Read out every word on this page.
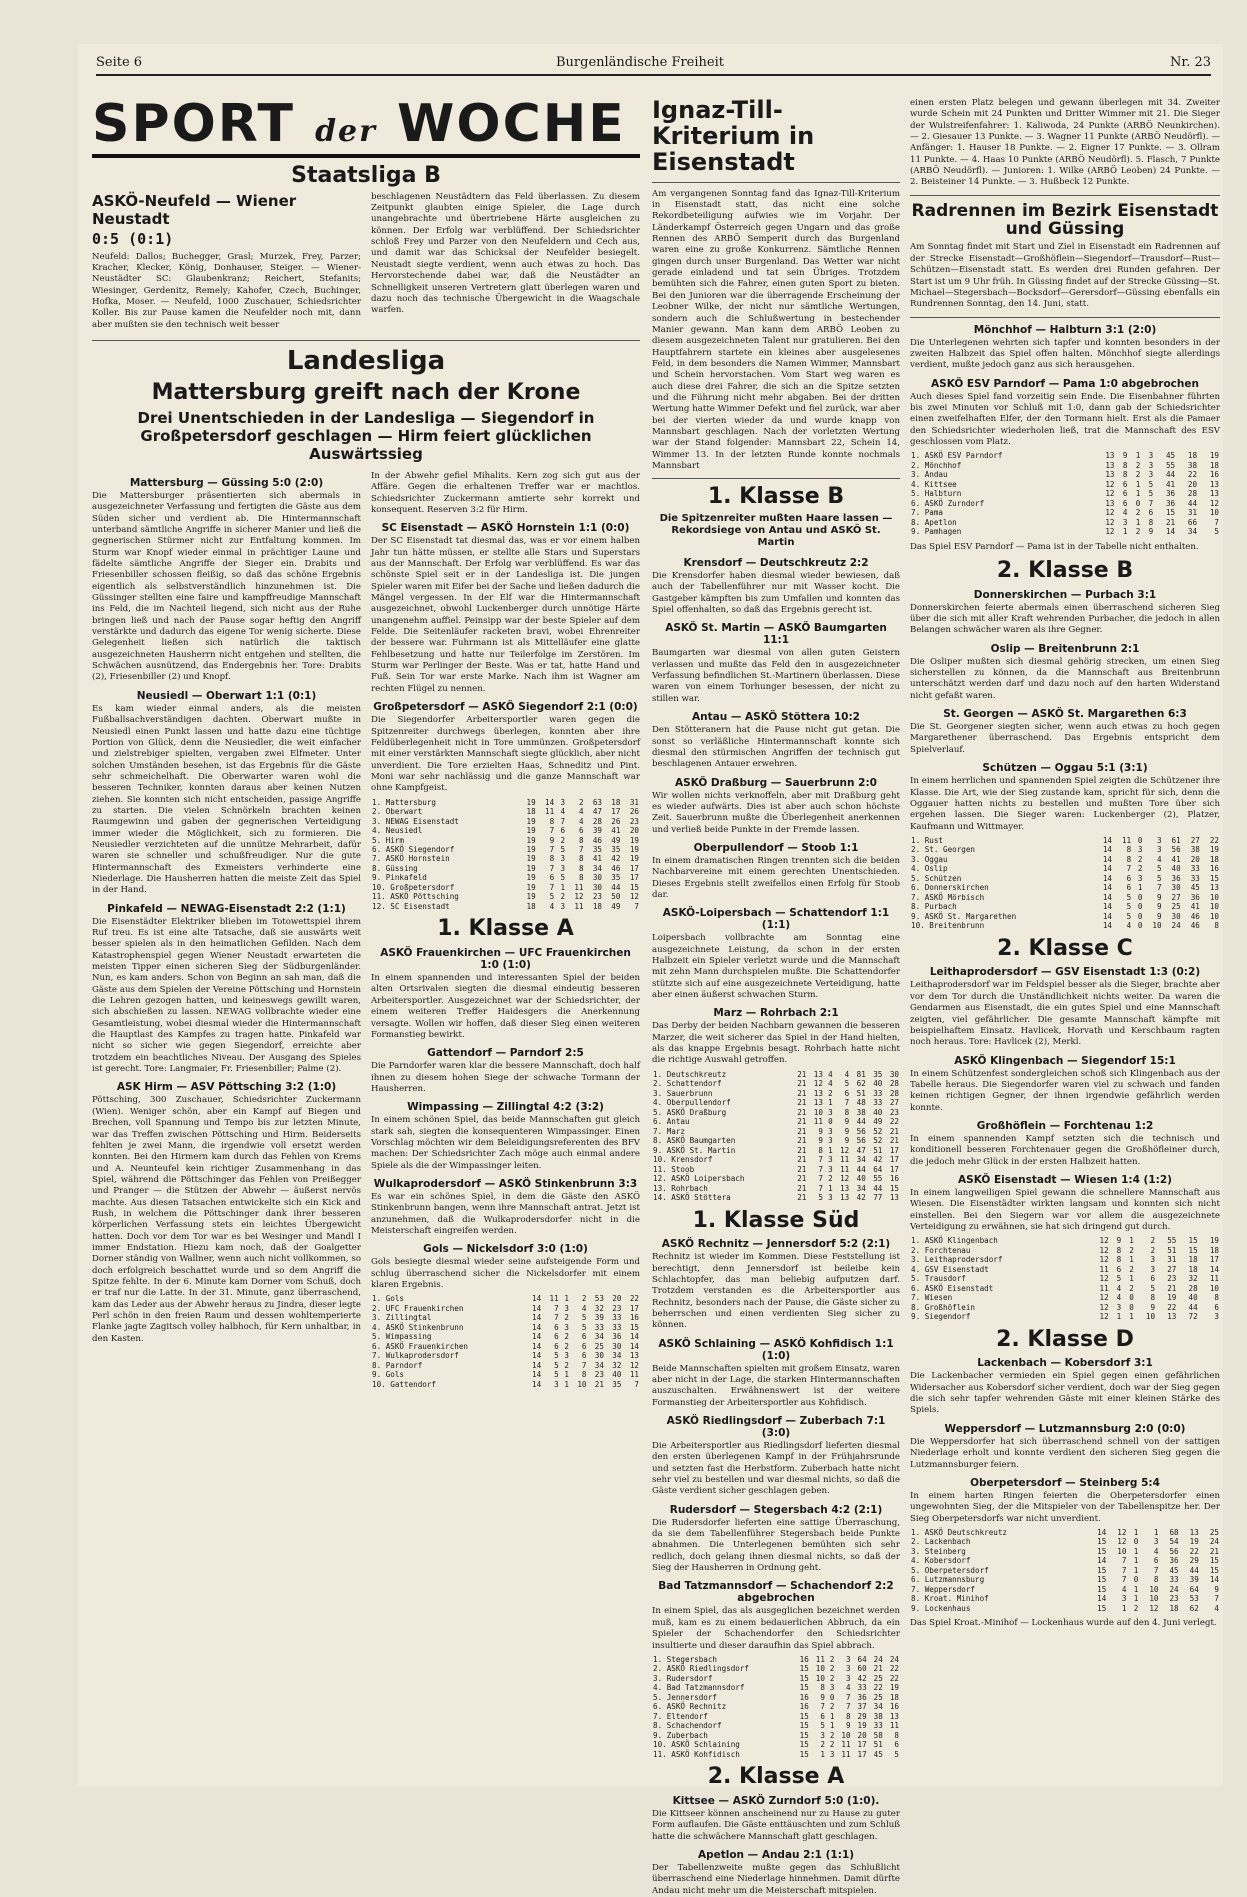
Seite 6	Burgenländische Freiheit	Nr. 23
SPORT der WOCHE
Staatsliga B
ASKÖ-Neufeld — Wiener Neustadt
0:5 (0:1)

Neufeld: Dallos; Buchegger, Grasl; Murzek, Frey, Parzer; Kracher, Klecker, König, Donhauser, Steiger. — Wiener-Neustädter SC: Glaubenkranz; Reichert, Stefanits; Wiesinger, Gerdenitz, Remely; Kahofer, Czech, Buchinger, Hofka, Moser. — Neufeld, 1000 Zuschauer, Schiedsrichter Koller. Bis zur Pause kamen die Neufelder noch mit, dann aber mußten sie den technisch weit besser

beschlagenen Neustädtern das Feld überlassen. Zu diesem Zeitpunkt glaubten einige Spieler, die Lage durch unangebrachte und übertriebene Härte ausgleichen zu können. Der Erfolg war verblüffend. Der Schiedsrichter schloß Frey und Parzer von den Neufeldern und Cech aus, und damit war das Schicksal der Neufelder besiegelt. Neustadt siegte verdient, wenn auch etwas zu hoch. Das Hervorstechende dabei war, daß die Neustädter an Schnelligkeit unseren Vertretern glatt überlegen waren und dazu noch das technische Übergewicht in die Waagschale warfen.

Landesliga
Mattersburg greift nach der Krone
Drei Unentschieden in der Landesliga — Siegendorf in Großpetersdorf geschlagen — Hirm feiert glücklichen Auswärtssieg
Mattersburg — Güssing 5:0 (2:0)

Die Mattersburger präsentierten sich abermals in ausgezeichneter Verfassung und fertigten die Gäste aus dem Süden sicher und verdient ab. Die Hintermannschaft unterband sämtliche Angriffe in sicherer Manier und ließ die gegnerischen Stürmer nicht zur Entfaltung kommen. Im Sturm war Knopf wieder einmal in prächtiger Laune und fädelte sämtliche Angriffe der Sieger ein. Drabits und Friesenbiller schossen fleißig, so daß das schöne Ergebnis eigentlich als selbstverständlich hinzunehmen ist. Die Güssinger stellten eine faire und kampffreudige Mannschaft ins Feld, die im Nachteil liegend, sich nicht aus der Ruhe bringen ließ und nach der Pause sogar heftig den Angriff verstärkte und dadurch das eigene Tor wenig sicherte. Diese Gelegenheit ließen sich natürlich die taktisch ausgezeichneten Hausherrn nicht entgehen und stellten, die Schwächen ausnützend, das Endergebnis her. Tore: Drabits (2), Friesenbiller (2) und Knopf.

Neusiedl — Oberwart 1:1 (0:1)

Es kam wieder einmal anders, als die meisten Fußballsachverständigen dachten. Oberwart mußte in Neusiedl einen Punkt lassen und hatte dazu eine tüchtige Portion von Glück, denn die Neusiedler, die weit einfacher und zielstrebiger spielten, vergaben zwei Elfmeter. Unter solchen Umständen besehen, ist das Ergebnis für die Gäste sehr schmeichelhaft. Die Oberwarter waren wohl die besseren Techniker, konnten daraus aber keinen Nutzen ziehen. Sie konnten sich nicht entscheiden, passige Angriffe zu starten. Die vielen Schnörkeln brachten keinen Raumgewinn und gaben der gegnerischen Verteidigung immer wieder die Möglichkeit, sich zu formieren. Die Neusiedler verzichteten auf die unnütze Mehrarbeit, dafür waren sie schneller und schußfreudiger. Nur die gute Hintermannschaft des Exmeisters verhinderte eine Niederlage. Die Hausherren hatten die meiste Zeit das Spiel in der Hand.

Pinkafeld — NEWAG-Eisenstadt 2:2 (1:1)

Die Eisenstädter Elektriker blieben im Totowettspiel ihrem Ruf treu. Es ist eine alte Tatsache, daß sie auswärts weit besser spielen als in den heimatlichen Gefilden. Nach dem Katastrophenspiel gegen Wiener Neustadt erwarteten die meisten Tipper einen sicheren Sieg der Südburgenländer. Nun, es kam anders. Schon von Beginn an sah man, daß die Gäste aus dem Spielen der Vereine Pöttsching und Hornstein die Lehren gezogen hatten, und keineswegs gewillt waren, sich abschießen zu lassen. NEWAG vollbrachte wieder eine Gesamtleistung, wobei diesmal wieder die Hintermannschaft die Hauptlast des Kampfes zu tragen hatte. Pinkafeld war nicht so sicher wie gegen Siegendorf, erreichte aber trotzdem ein beachtliches Niveau. Der Ausgang des Spieles ist gerecht. Tore: Langmaier, Fr. Friesenbiller; Palme (2).

ASK Hirm — ASV Pöttsching 3:2 (1:0)

Pöttsching, 300 Zuschauer, Schiedsrichter Zuckermann (Wien). Weniger schön, aber ein Kampf auf Biegen und Brechen, voll Spannung und Tempo bis zur letzten Minute, war das Treffen zwischen Pöttsching und Hirm. Beiderseits fehlten je zwei Mann, die irgendwie voll ersetzt werden konnten. Bei den Hirmern kam durch das Fehlen von Krems und A. Neunteufel kein richtiger Zusammenhang in das Spiel, während die Pöttschinger das Fehlen von Preißegger und Pranger — die Stützen der Abwehr — äußerst nervös machte. Aus diesen Tatsachen entwickelte sich ein Kick and Rush, in welchem die Pöttschinger dank ihrer besseren körperlichen Verfassung stets ein leichtes Übergewicht hatten. Doch vor dem Tor war es bei Wesinger und Mandl I immer Endstation. Hiezu kam noch, daß der Goalgetter Dorner ständig von Wallner, wenn auch nicht vollkommen, so doch erfolgreich beschattet wurde und so dem Angriff die Spitze fehlte. In der 6. Minute kam Dorner vom Schuß, doch er traf nur die Latte. In der 31. Minute, ganz überraschend, kam das Leder aus der Abwehr heraus zu Jindra, dieser legte Perl schön in den freien Raum und dessen wohltemperierte Flanke jagte Zagitsch volley halbhoch, für Kern unhaltbar, in den Kasten.

In der Abwehr gefiel Mihalits. Kern zog sich gut aus der Affäre. Gegen die erhaltenen Treffer war er machtlos. Schiedsrichter Zuckermann amtierte sehr korrekt und konsequent. Reserven 3:2 für Hirm.

SC Eisenstadt — ASKÖ Hornstein 1:1 (0:0)

Der SC Eisenstadt tat diesmal das, was er vor einem halben Jahr tun hätte müssen, er stellte alle Stars und Superstars aus der Mannschaft. Der Erfolg war verblüffend. Es war das schönste Spiel seit er in der Landesliga ist. Die jungen Spieler waren mit Eifer bei der Sache und ließen dadurch die Mängel vergessen. In der Elf war die Hintermannschaft ausgezeichnet, obwohl Luckenberger durch unnötige Härte unangenehm auffiel. Peinsipp war der beste Spieler auf dem Felde. Die Seitenläufer racketen bravi, wobei Ehrenreiter der bessere war. Fuhrmann ist als Mittelläufer eine glatte Fehlbesetzung und hatte nur Teilerfolge im Zerstören. Im Sturm war Perlinger der Beste. Was er tat, hatte Hand und Fuß. Sein Tor war erste Marke. Nach ihm ist Wagner am rechten Flügel zu nennen.

Großpetersdorf — ASKÖ Siegendorf 2:1 (0:0)

Die Siegendorfer Arbeitersportler waren gegen die Spitzenreiter durchwegs überlegen, konnten aber ihre Feldüberlegenheit nicht in Tore ummünzen. Großpetersdorf mit einer verstärkten Mannschaft siegte glücklich, aber nicht unverdient. Die Tore erzielten Haas, Schneditz und Pint. Moni war sehr nachlässig und die ganze Mannschaft war ohne Kampfgeist.

1. Mattersburg	19	14	3	2	63	18	31
2. Oberwart	18	11	4	4	47	17	26
3. NEWAG Eisenstadt	19	8	7	4	28	26	23
4. Neusiedl	19	7	6	6	39	41	20
5. Hirm	19	9	2	8	46	49	19
6. ASKÖ Siegendorf	19	7	5	7	35	35	19
7. ASKÖ Hornstein	19	8	3	8	41	42	19
8. Güssing	19	7	3	8	34	46	17
9. Pinkafeld	19	6	5	8	30	35	17
10. Großpetersdorf	19	7	1	11	30	44	15
11. ASKÖ Pöttsching	19	5	2	12	23	50	12
12. SC Eisenstadt	18	4	3	11	18	49	7
1. Klasse A
ASKÖ Frauenkirchen — UFC Frauenkirchen 1:0 (1:0)

In einem spannenden und interessanten Spiel der beiden alten Ortsrivalen siegten die diesmal eindeutig besseren Arbeitersportler. Ausgezeichnet war der Schiedsrichter, der einem weiteren Treffer Haidesgers die Anerkennung versagte. Wollen wir hoffen, daß dieser Sieg einen weiteren Formanstieg bewirkt.

Gattendorf — Parndorf 2:5

Die Parndorfer waren klar die bessere Mannschaft, doch half ihnen zu diesem hohen Siege der schwache Tormann der Hausherren.

Wimpassing — Zillingtal 4:2 (3:2)

In einem schönen Spiel, das beide Mannschaften gut gleich stark sah, siegten die konsequenteren Wimpassinger. Einen Vorschlag möchten wir dem Beleidigungsreferenten des BFV machen: Der Schiedsrichter Zach möge auch einmal andere Spiele als die der Wimpassinger leiten.

Wulkaprodersdorf — ASKÖ Stinkenbrunn 3:3

Es war ein schönes Spiel, in dem die Gäste den ASKÖ Stinkenbrunn bangen, wenn ihre Mannschaft antrat. Jetzt ist anzunehmen, daß die Wulkaprodersdorfer nicht in die Meisterschaft eingreifen werden.

Gols — Nickelsdorf 3:0 (1:0)

Gols besiegte diesmal wieder seine aufsteigende Form und schlug überraschend sicher die Nickelsdorfer mit einem klaren Ergebnis.

1. Gols	14	11	1	2	53	20	22
2. UFC Frauenkirchen	14	7	3	4	32	23	17
3. Zillingtal	14	7	2	5	39	33	16
4. ASKÖ Stinkenbrunn	14	6	3	5	33	33	15
5. Wimpassing	14	6	2	6	34	36	14
6. ASKÖ Frauenkirchen	14	6	2	6	25	30	14
7. Wulkaprodersdorf	14	5	3	6	30	34	13
8. Parndorf	14	5	2	7	34	32	12
9. Gols	14	5	1	8	23	40	11
10. Gattendorf	14	3	1	10	21	35	7
Ignaz-Till-Kriterium in Eisenstadt

Am vergangenen Sonntag fand das Ignaz-Till-Kriterium in Eisenstadt statt, das nicht eine solche Rekordbeteiligung aufwies wie im Vorjahr. Der Länderkampf Österreich gegen Ungarn und das große Rennen des ARBÖ Semperit durch das Burgenland waren eine zu große Konkurrenz. Sämtliche Rennen gingen durch unser Burgenland. Das Wetter war nicht gerade einladend und tat sein Übriges. Trotzdem bemühten sich die Fahrer, einen guten Sport zu bieten. Bei den Junioren war die überragende Erscheinung der Leobner Wilke, der nicht nur sämtliche Wertungen, sondern auch die Schlußwertung in bestechender Manier gewann. Man kann dem ARBÖ Leoben zu diesem ausgezeichneten Talent nur gratulieren. Bei den Hauptfahrern startete ein kleines aber ausgelesenes Feld, in dem besonders die Namen Wimmer, Mannsbart und Schein hervorstachen. Vom Start weg waren es auch diese drei Fahrer, die sich an die Spitze setzten und die Führung nicht mehr abgaben. Bei der dritten Wertung hatte Wimmer Defekt und fiel zurück, war aber bei der vierten wieder da und wurde knapp von Mannsbart geschlagen. Nach der vorletzten Wertung war der Stand folgender: Mannsbart 22, Schein 14, Wimmer 13. In der letzten Runde konnte nochmals Mannsbart

1. Klasse B
Die Spitzenreiter mußten Haare lassen — Rekordsiege von Antau und ASKÖ St. Martin
Krensdorf — Deutschkreutz 2:2

Die Krensdorfer haben diesmal wieder bewiesen, daß auch der Tabellenführer nur mit Wasser kocht. Die Gastgeber kämpften bis zum Umfallen und konnten das Spiel offenhalten, so daß das Ergebnis gerecht ist.

ASKÖ St. Martin — ASKÖ Baumgarten 11:1

Baumgarten war diesmal von allen guten Geistern verlassen und mußte das Feld den in ausgezeichneter Verfassung befindlichen St.-Martinern überlassen. Diese waren von einem Torhunger besessen, der nicht zu stillen war.

Antau — ASKÖ Stöttera 10:2

Den Stötteranern hat die Pause nicht gut getan. Die sonst so verläßliche Hintermannschaft konnte sich diesmal den stürmischen Angriffen der technisch gut beschlagenen Antauer erwehren.

ASKÖ Draßburg — Sauerbrunn 2:0

Wir wollen nichts verknoffeln, aber mit Draßburg geht es wieder aufwärts. Dies ist aber auch schon höchste Zeit. Sauerbrunn mußte die Überlegenheit anerkennen und verließ beide Punkte in der Fremde lassen.

Oberpullendorf — Stoob 1:1

In einem dramatischen Ringen trennten sich die beiden Nachbarvereine mit einem gerechten Unentschieden. Dieses Ergebnis stellt zweifellos einen Erfolg für Stoob dar.

ASKÖ-Loipersbach — Schattendorf 1:1 (1:1)

Loipersbach vollbrachte am Sonntag eine ausgezeichnete Leistung, da schon in der ersten Halbzeit ein Spieler verletzt wurde und die Mannschaft mit zehn Mann durchspielen mußte. Die Schattendorfer stützte sich auf eine ausgezeichnete Verteidigung, hatte aber einen äußerst schwachen Sturm.

Marz — Rohrbach 2:1

Das Derby der beiden Nachbarn gewannen die besseren Marzer, die weit sicherer das Spiel in der Hand hielten, als das knappe Ergebnis besagt. Rohrbach hatte nicht die richtige Auswahl getroffen.

1. Deutschkreutz	21	13	4	4	81	35	30
2. Schattendorf	21	12	4	5	62	40	28
3. Sauerbrunn	21	13	2	6	51	33	28
4. Oberpullendorf	21	13	1	7	48	33	27
5. ASKÖ Draßburg	21	10	3	8	38	40	23
6. Antau	21	11	0	9	44	49	22
7. Marz	21	9	3	9	56	52	21
8. ASKÖ Baumgarten	21	9	3	9	56	52	21
9. ASKÖ St. Martin	21	8	1	12	47	51	17
10. Krensdorf	21	7	3	11	34	42	17
11. Stoob	21	7	3	11	44	64	17
12. ASKÖ Loipersbach	21	7	2	12	40	55	16
13. Rohrbach	21	7	1	13	34	44	15
14. ASKÖ Stöttera	21	5	3	13	42	77	13
1. Klasse Süd
ASKÖ Rechnitz — Jennersdorf 5:2 (2:1)

Rechnitz ist wieder im Kommen. Diese Feststellung ist berechtigt, denn Jennersdorf ist beileibe kein Schlachtopfer, das man beliebig aufputzen darf. Trotzdem verstanden es die Arbeitersportler aus Rechnitz, besonders nach der Pause, die Gäste sicher zu beherrschen und einen verdienten Sieg sicher zu können.

ASKÖ Schlaining — ASKÖ Kohfidisch 1:1 (1:0)

Beide Mannschaften spielten mit großem Einsatz, waren aber nicht in der Lage, die starken Hintermannschaften auszuschalten. Erwähnenswert ist der weitere Formanstieg der Arbeitersportler aus Kohfidisch.

ASKÖ Riedlingsdorf — Zuberbach 7:1 (3:0)

Die Arbeitersportler aus Riedlingsdorf lieferten diesmal den ersten überlegenen Kampf in der Frühjahrsrunde und setzten fast die Herbstform. Zuberbach hatte nicht sehr viel zu bestellen und war diesmal nichts, so daß die Gäste verdient sicher geschlagen geben.

Rudersdorf — Stegersbach 4:2 (2:1)

Die Rudersdorfer lieferten eine sattige Überraschung, da sie dem Tabellenführer Stegersbach beide Punkte abnahmen. Die Unterlegenen bemühten sich sehr redlich, doch gelang ihnen diesmal nichts, so daß der Sieg der Hausherren in Ordnung geht.

Bad Tatzmannsdorf — Schachendorf 2:2 abgebrochen

In einem Spiel, das als ausgeglichen bezeichnet werden muß, kam es zu einem bedauerlichen Abbruch, da ein Spieler der Schachendorfer den Schiedsrichter insultierte und dieser daraufhin das Spiel abbrach.

1. Stegersbach	16	11	2	3	64	24	24
2. ASKÖ Riedlingsdorf	15	10	2	3	60	21	22
3. Rudersdorf	15	10	2	3	42	25	22
4. Bad Tatzmannsdorf	15	8	3	4	33	22	19
5. Jennersdorf	16	9	0	7	36	25	18
6. ASKÖ Rechnitz	16	7	2	7	37	34	16
7. Eltendorf	15	6	1	8	29	38	13
8. Schachendorf	15	5	1	9	19	33	11
9. Zuberbach	15	3	2	10	20	58	8
10. ASKÖ Schlaining	15	2	2	11	17	51	6
11. ASKÖ Kohfidisch	15	1	3	11	17	45	5
2. Klasse A
Kittsee — ASKÖ Zurndorf 5:0 (1:0).

Die Kittseer können anscheinend nur zu Hause zu guter Form auflaufen. Die Gäste enttäuschten und zum Schluß hatte die schwächere Mannschaft glatt geschlagen.

Apetlon — Andau 2:1 (1:1)

Der Tabellenzweite mußte gegen das Schlußlicht überraschend eine Niederlage hinnehmen. Damit dürfte Andau nicht mehr um die Meisterschaft mitspielen.

einen ersten Platz belegen und gewann überlegen mit 34. Zweiter wurde Schein mit 24 Punkten und Dritter Wimmer mit 21. Die Sieger der Wulstreifenfahrer: 1. Kaliwoda, 24 Punkte (ARBÖ Neunkirchen). — 2. Giesauer 13 Punkte. — 3. Wagner 11 Punkte (ARBÖ Neudörfl). — Anfänger: 1. Hauser 18 Punkte. — 2. Eigner 17 Punkte. — 3. Ollram 11 Punkte. — 4. Haas 10 Punkte (ARBÖ Neudörfl). 5. Flasch, 7 Punkte (ARBÖ Neudörfl). — Junioren: 1. Wilke (ARBÖ Leoben) 24 Punkte. — 2. Beisteiner 14 Punkte. — 3. Hußbeck 12 Punkte.

Radrennen im Bezirk Eisenstadt und Güssing

Am Sonntag findet mit Start und Ziel in Eisenstadt ein Radrennen auf der Strecke Eisenstadt—Großhöflein—Siegendorf—Trausdorf—Rust—Schützen—Eisenstadt statt. Es werden drei Runden gefahren. Der Start ist um 9 Uhr früh. In Güssing findet auf der Strecke Güssing—St. Michael—Stegersbach—Bocksdorf—Gerersdorf—Güssing ebenfalls ein Rundrennen Sonntag, den 14. Juni, statt.

Mönchhof — Halbturn 3:1 (2:0)

Die Unterlegenen wehrten sich tapfer und konnten besonders in der zweiten Halbzeit das Spiel offen halten. Mönchhof siegte allerdings verdient, mußte jedoch ganz aus sich herausgehen.

ASKÖ ESV Parndorf — Pama 1:0 abgebrochen

Auch dieses Spiel fand vorzeitig sein Ende. Die Eisenbahner führten bis zwei Minuten vor Schluß mit 1:0, dann gab der Schiedsrichter einen zweifelhaften Elfer, der den Tormann hielt. Erst als die Pamaer den Schiedsrichter wiederholen ließ, trat die Mannschaft des ESV geschlossen vom Platz.

1. ASKÖ ESV Parndorf	13	9	1	3	45	18	19
2. Mönchhof	13	8	2	3	55	38	18
3. Andau	13	8	2	3	44	22	16
4. Kittsee	12	6	1	5	41	20	13
5. Halbturn	12	6	1	5	36	28	13
6. ASKÖ Zurndorf	13	6	0	7	36	44	12
7. Pama	12	4	2	6	15	31	10
8. Apetlon	12	3	1	8	21	66	7
9. Pamhagen	12	1	2	9	14	34	5

Das Spiel ESV Parndorf — Pama ist in der Tabelle nicht enthalten.

2. Klasse B
Donnerskirchen — Purbach 3:1

Donnerskirchen feierte abermals einen überraschend sicheren Sieg über die sich mit aller Kraft wehrenden Purbacher, die jedoch in allen Belangen schwächer waren als ihre Gegner.

Oslip — Breitenbrunn 2:1

Die Osliper mußten sich diesmal gehörig strecken, um einen Sieg sicherstellen zu können, da die Mannschaft aus Breitenbrunn unterschätzt werden darf und dazu noch auf den harten Widerstand nicht gefaßt waren.

St. Georgen — ASKÖ St. Margarethen 6:3

Die St. Georgener siegten sicher, wenn auch etwas zu hoch gegen Margarethener überraschend. Das Ergebnis entspricht dem Spielverlauf.

Schützen — Oggau 5:1 (3:1)

In einem herrlichen und spannenden Spiel zeigten die Schützener ihre Klasse. Die Art, wie der Sieg zustande kam, spricht für sich, denn die Oggauer hatten nichts zu bestellen und mußten Tore über sich ergehen lassen. Die Sieger waren: Luckenberger (2), Platzer, Kaufmann und Wittmayer.

1. Rust	14	11	0	3	61	27	22
2. St. Georgen	14	8	3	3	56	38	19
3. Oggau	14	8	2	4	41	20	18
4. Oslip	14	7	2	5	40	33	16
5. Schützen	14	6	3	5	36	33	15
6. Donnerskirchen	14	6	1	7	30	45	13
7. ASKÖ Mörbisch	14	5	0	9	27	36	10
8. Purbach	14	5	0	9	25	41	10
9. ASKÖ St. Margarethen	14	5	0	9	30	46	10
10. Breitenbrunn	14	4	0	10	24	46	8
2. Klasse C
Leithaprodersdorf — GSV Eisenstadt 1:3 (0:2)

Leithaprodersdorf war im Feldspiel besser als die Sieger, brachte aber vor dem Tor durch die Unständlichkeit nichts weiter. Da waren die Gendarmen aus Eisenstadt, die ein gutes Spiel und eine Mannschaft zeigten, viel gefährlicher. Die gesamte Mannschaft kämpfte mit beispielhaftem Einsatz. Havlicek, Horvath und Kerschbaum ragten noch heraus. Tore: Havlicek (2), Merkl.

ASKÖ Klingenbach — Siegendorf 15:1

In einem Schützenfest sondergleichen schoß sich Klingenbach aus der Tabelle heraus. Die Siegendorfer waren viel zu schwach und fanden keinen richtigen Gegner, der ihnen irgendwie gefährlich werden konnte.

Großhöflein — Forchtenau 1:2

In einem spannenden Kampf setzten sich die technisch und konditionell besseren Forchtenauer gegen die Großhöfleiner durch, die jedoch mehr Glück in der ersten Halbzeit hatten.

ASKÖ Eisenstadt — Wiesen 1:4 (1:2)

In einem langweiligen Spiel gewann die schnellere Mannschaft aus Wiesen. Die Eisenstädter wirkten langsam und konnten sich nicht einstellen. Bei den Siegern war vor allem die ausgezeichnete Verteidigung zu erwähnen, sie hat sich dringend gut durch.

1. ASKÖ Klingenbach	12	9	1	2	55	15	19
2. Forchtenau	12	8	2	2	51	15	18
3. Leithaprodersdorf	12	8	1	3	31	18	17
4. GSV Eisenstadt	11	6	2	3	27	18	14
5. Trausdorf	12	5	1	6	23	32	11
6. ASKÖ Eisenstadt	11	4	2	5	21	28	10
7. Wiesen	12	4	0	8	19	40	8
8. Großhöflein	12	3	0	9	22	44	6
9. Siegendorf	12	1	1	10	13	72	3
2. Klasse D
Lackenbach — Kobersdorf 3:1

Die Lackenbacher vermieden ein Spiel gegen einen gefährlichen Widersacher aus Kobersdorf sicher verdient, doch war der Sieg gegen die sich sehr tapfer wehrenden Gäste mit einer kleinen Stärke des Spiels.

Weppersdorf — Lutzmannsburg 2:0 (0:0)

Die Weppersdorfer hat sich überraschend schnell von der sattigen Niederlage erholt und konnte verdient den sicheren Sieg gegen die Lutzmannsburger feiern.

Oberpetersdorf — Steinberg 5:4

In einem harten Ringen feierten die Oberpetersdorfer einen ungewohnten Sieg, der die Mitspieler von der Tabellenspitze her. Der Sieg Oberpetersdorfs war nicht unverdient.

1. ASKÖ Deutschkreutz	14	12	1	1	68	13	25
2. Lackenbach	15	12	0	3	54	19	24
3. Steinberg	15	10	1	4	56	22	21
4. Kobersdorf	14	7	1	6	36	29	15
5. Oberpetersdorf	15	7	1	7	45	44	15
6. Lutzmannsburg	15	7	0	8	33	39	14
7. Weppersdorf	15	4	1	10	24	64	9
8. Kroat. Minihof	14	3	1	10	23	53	7
9. Lockenhaus	15	1	2	12	18	62	4

Das Spiel Kroat.-Minihof — Lockenhaus wurde auf den 4. Juni verlegt.
